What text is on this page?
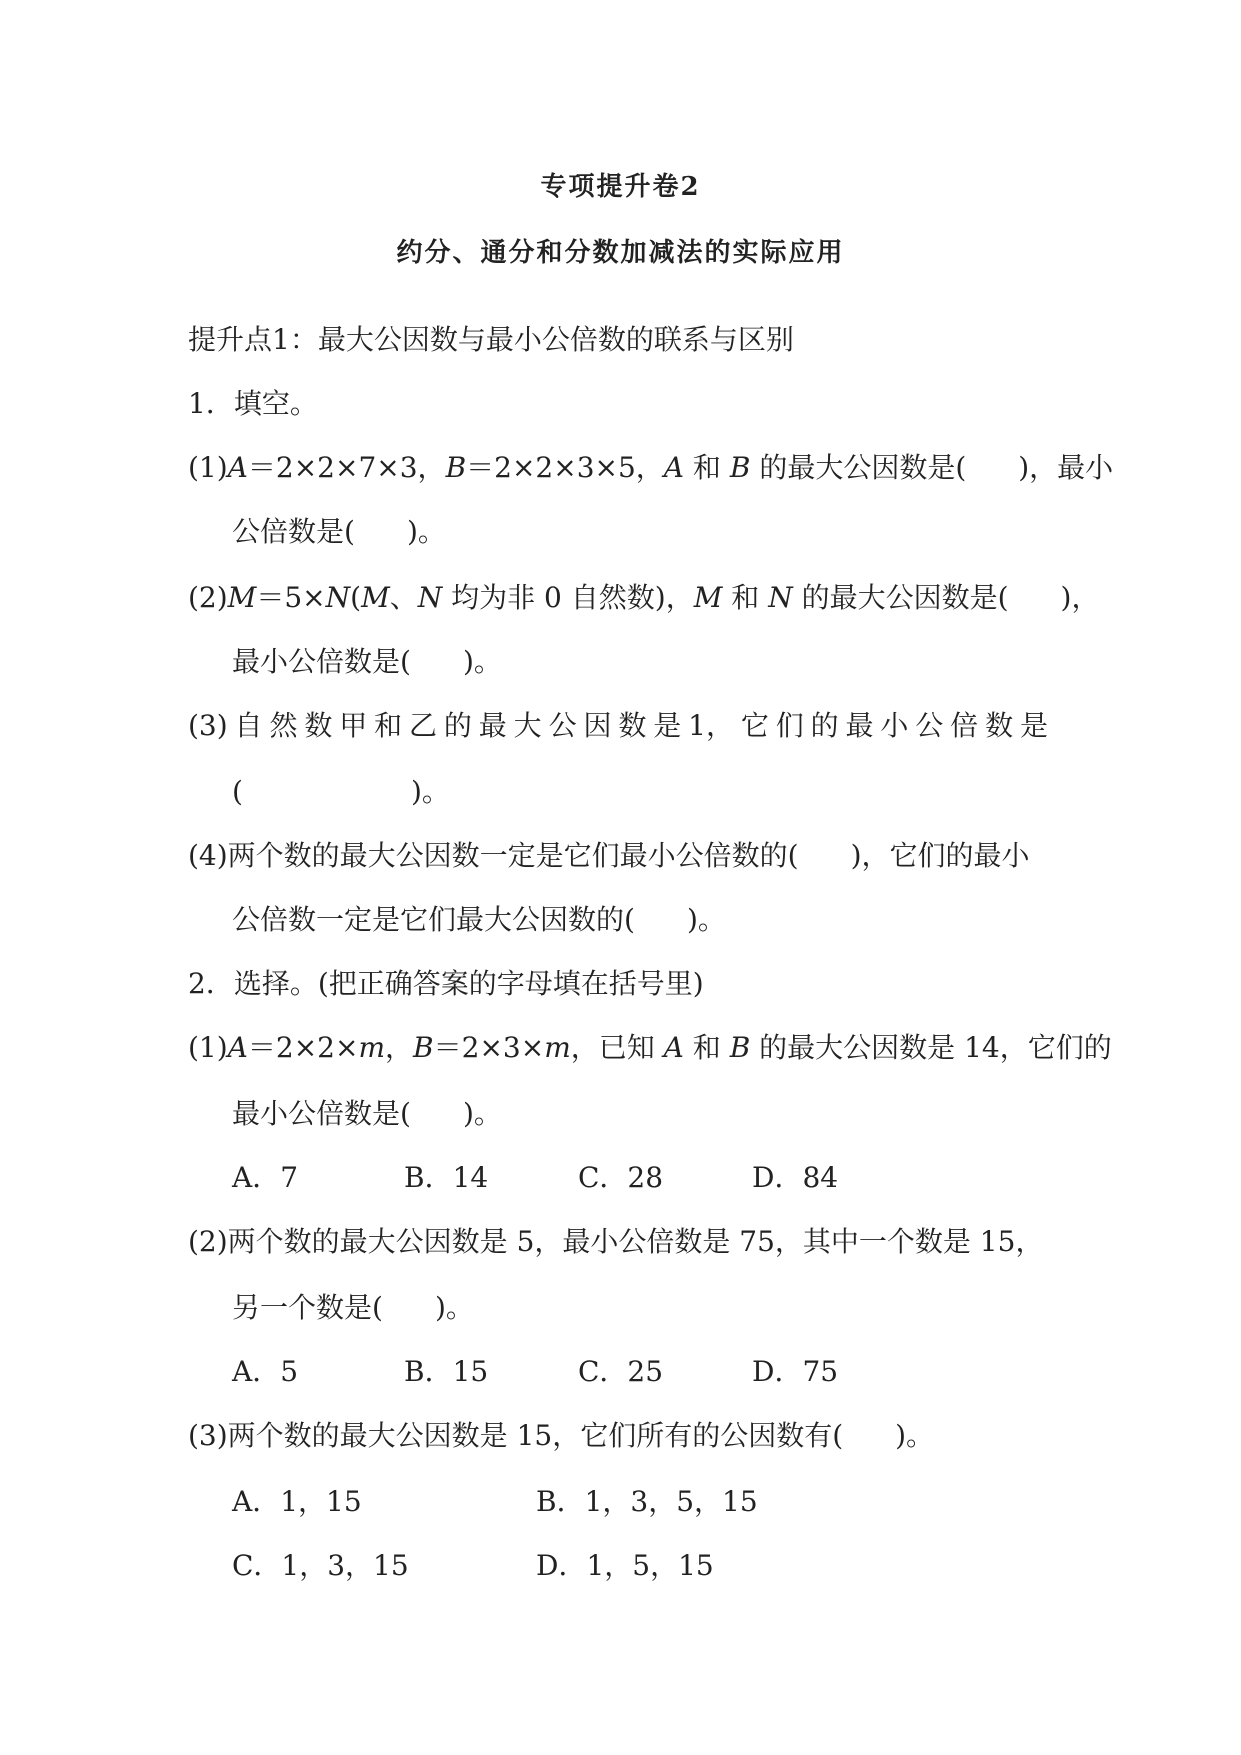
专项提升卷2
约分、通分和分数加减法的实际应用
提升点1：最大公因数与最小公倍数的联系与区别
1．填空。
(1)A＝2×2×7×3，B＝2×2×3×5，A 和 B 的最大公因数是( )，最小
公倍数是( )。
(2)M＝5×N(M、N 均为非 0 自然数)，M 和 N 的最大公因数是( )，
最小公倍数是( )。
(3) 自 然 数 甲 和 乙 的 最 大 公 因 数 是 1， 它 们 的 最 小 公 倍 数 是
(	)。
(4)两个数的最大公因数一定是它们最小公倍数的( )，它们的最小
公倍数一定是它们最大公因数的( )。
2．选择。(把正确答案的字母填在括号里)
(1)A＝2×2×m，B＝2×3×m，已知 A 和 B 的最大公因数是 14，它们的
最小公倍数是( )。
A．7	B．14	C．28	D．84
(2)两个数的最大公因数是 5，最小公倍数是 75，其中一个数是 15，
另一个数是( )。
A．5	B．15	C．25	D．75
(3)两个数的最大公因数是 15，它们所有的公因数有( )。
A．1，15	B．1，3，5，15
C．1，3，15	D．1，5，15
